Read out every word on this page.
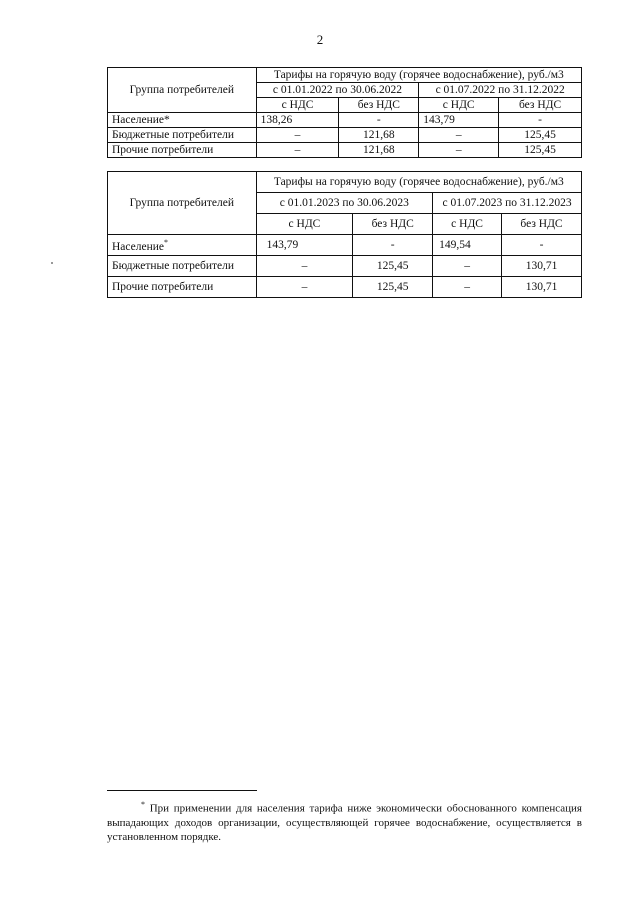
2
Группа потребителей	Тарифы на горячую воду (горячее водоснабжение), руб./м3			
	с 01.01.2022 по 30.06.2022		с 01.07.2022 по 31.12.2022	
	с НДС	без НДС	с НДС	без НДС
Население*	138,26	-	143,79	-
Бюджетные потребители	–	121,68	–	125,45
Прочие потребители	–	121,68	–	125,45
Группа потребителей	Тарифы на горячую воду (горячее водоснабжение), руб./м3			
	с 01.01.2023 по 30.06.2023		с 01.07.2023 по 31.12.2023	
	с НДС	без НДС	с НДС	без НДС
Население*	143,79	-	149,54	-
Бюджетные потребители	–	125,45	–	130,71
Прочие потребители	–	125,45	–	130,71
* При применении для населения тарифа ниже экономически обоснованного компенсация выпадающих доходов организации, осуществляющей горячее водоснабжение, осуществляется в установленном порядке.
